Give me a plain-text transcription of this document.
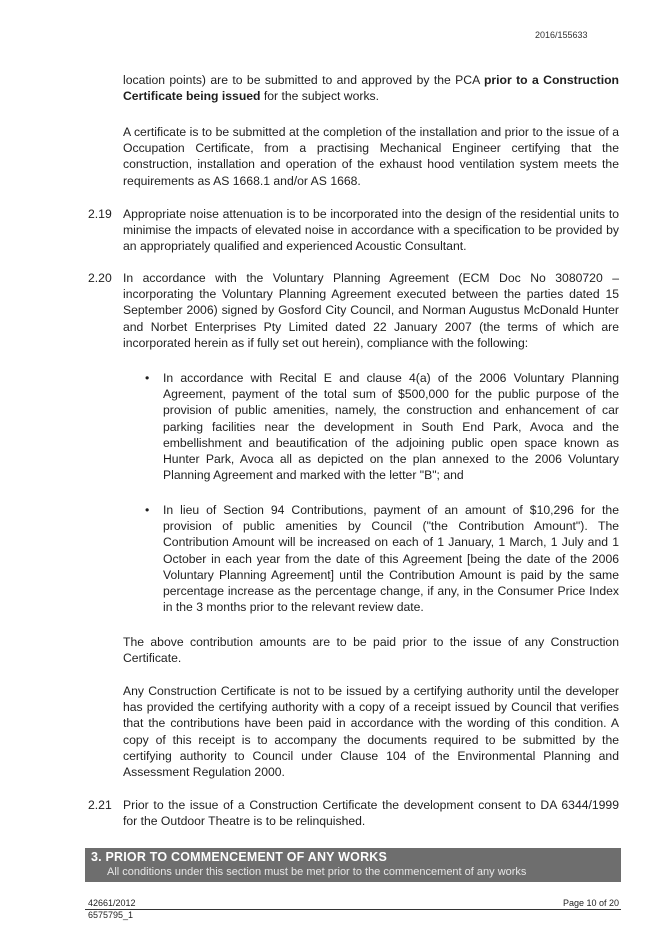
2016/155633

location points) are to be submitted to and approved by the PCA prior to a Construction Certificate being issued for the subject works.

A certificate is to be submitted at the completion of the installation and prior to the issue of a Occupation Certificate, from a practising Mechanical Engineer certifying that the construction, installation and operation of the exhaust hood ventilation system meets the requirements as AS 1668.1 and/or AS 1668.

2.19 Appropriate noise attenuation is to be incorporated into the design of the residential units to minimise the impacts of elevated noise in accordance with a specification to be provided by an appropriately qualified and experienced Acoustic Consultant.

2.20 In accordance with the Voluntary Planning Agreement (ECM Doc No 3080720 – incorporating the Voluntary Planning Agreement executed between the parties dated 15 September 2006) signed by Gosford City Council, and Norman Augustus McDonald Hunter and Norbet Enterprises Pty Limited dated 22 January 2007 (the terms of which are incorporated herein as if fully set out herein), compliance with the following:

• In accordance with Recital E and clause 4(a) of the 2006 Voluntary Planning Agreement, payment of the total sum of $500,000 for the public purpose of the provision of public amenities, namely, the construction and enhancement of car parking facilities near the development in South End Park, Avoca and the embellishment and beautification of the adjoining public open space known as Hunter Park, Avoca all as depicted on the plan annexed to the 2006 Voluntary Planning Agreement and marked with the letter "B"; and

• In lieu of Section 94 Contributions, payment of an amount of $10,296 for the provision of public amenities by Council ("the Contribution Amount"). The Contribution Amount will be increased on each of 1 January, 1 March, 1 July and 1 October in each year from the date of this Agreement [being the date of the 2006 Voluntary Planning Agreement] until the Contribution Amount is paid by the same percentage increase as the percentage change, if any, in the Consumer Price Index in the 3 months prior to the relevant review date.

The above contribution amounts are to be paid prior to the issue of any Construction Certificate.

Any Construction Certificate is not to be issued by a certifying authority until the developer has provided the certifying authority with a copy of a receipt issued by Council that verifies that the contributions have been paid in accordance with the wording of this condition. A copy of this receipt is to accompany the documents required to be submitted by the certifying authority to Council under Clause 104 of the Environmental Planning and Assessment Regulation 2000.

2.21 Prior to the issue of a Construction Certificate the development consent to DA 6344/1999 for the Outdoor Theatre is to be relinquished.

3. PRIOR TO COMMENCEMENT OF ANY WORKS
All conditions under this section must be met prior to the commencement of any works
42661/2012
6575795_1
Page 10 of 20
